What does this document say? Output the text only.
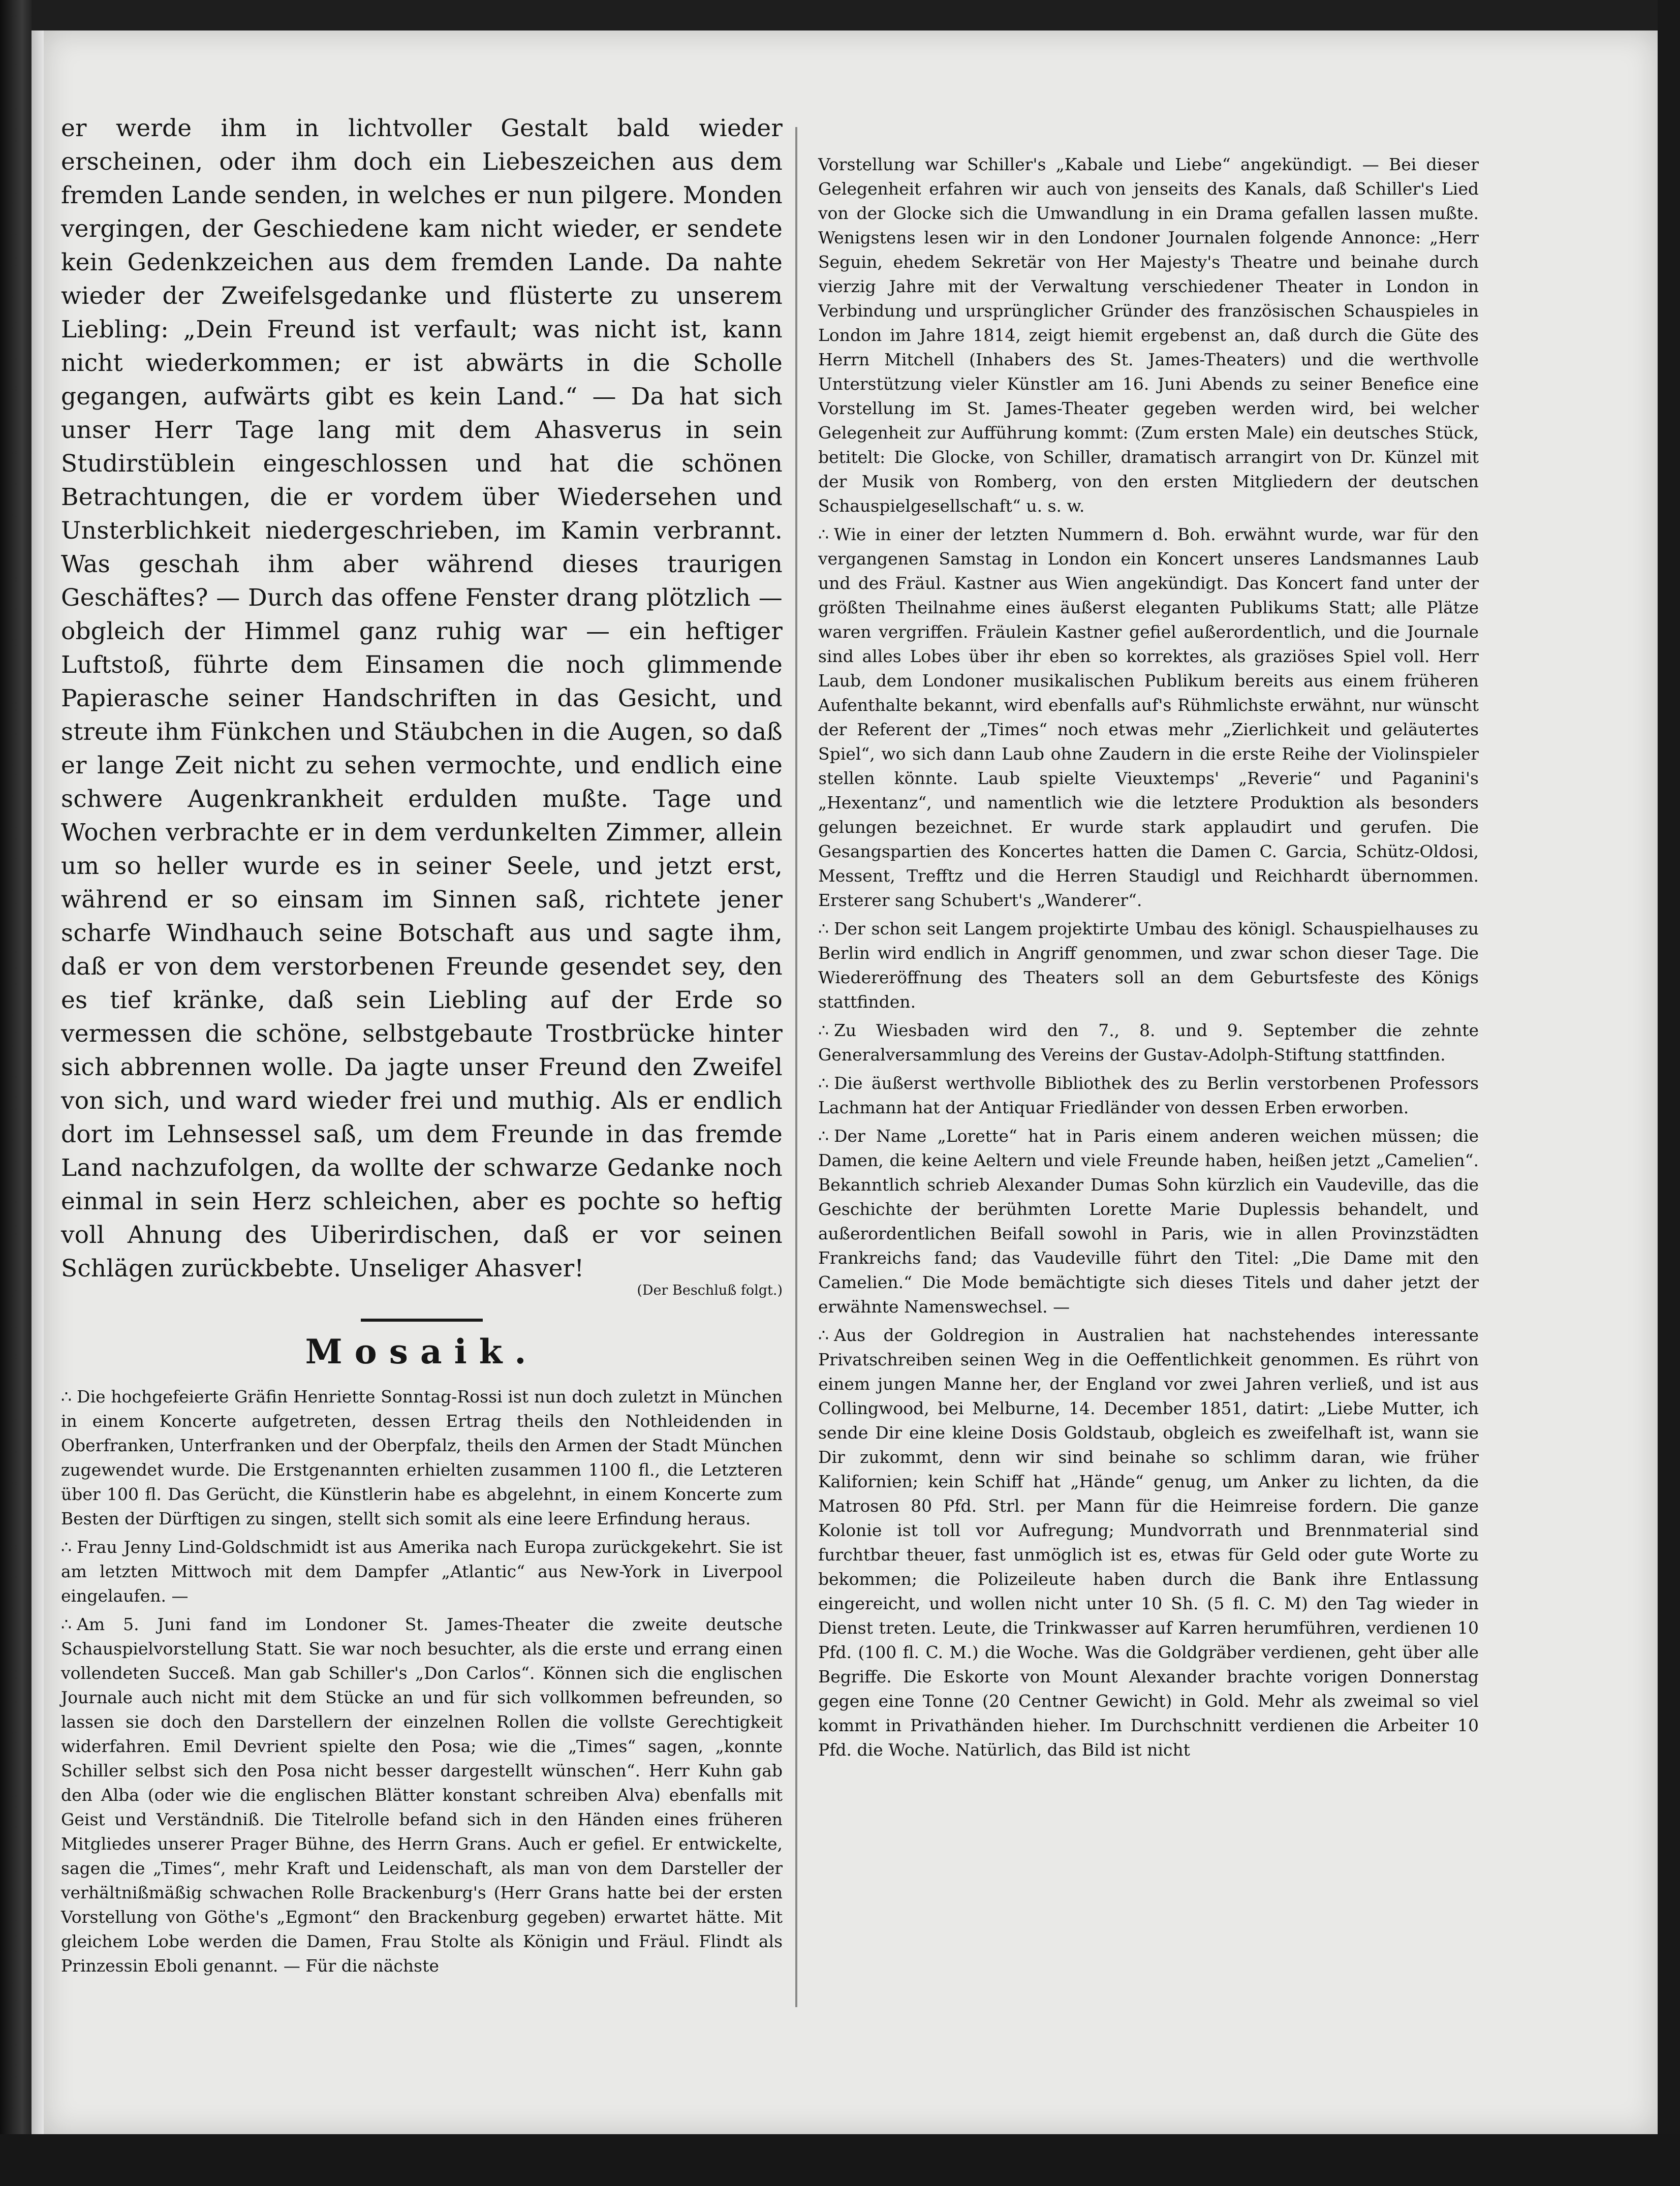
er werde ihm in lichtvoller Gestalt bald wieder erscheinen, oder ihm doch ein Liebeszeichen aus dem fremden Lande senden, in welches er nun pilgere. Monden vergingen, der Geschiedene kam nicht wieder, er sendete kein Gedenkzeichen aus dem fremden Lande. Da nahte wieder der Zweifelsgedanke und flüsterte zu unserem Liebling: „Dein Freund ist verfault; was nicht ist, kann nicht wiederkommen; er ist abwärts in die Scholle gegangen, aufwärts gibt es kein Land.“ — Da hat sich unser Herr Tage lang mit dem Ahasverus in sein Studirstüblein eingeschlossen und hat die schönen Betrachtungen, die er vordem über Wiedersehen und Unsterblichkeit niedergeschrieben, im Kamin verbrannt. Was geschah ihm aber während dieses traurigen Geschäftes? — Durch das offene Fenster drang plötzlich — obgleich der Himmel ganz ruhig war — ein heftiger Luftstoß, führte dem Einsamen die noch glimmende Papierasche seiner Handschriften in das Gesicht, und streute ihm Fünkchen und Stäubchen in die Augen, so daß er lange Zeit nicht zu sehen vermochte, und endlich eine schwere Augenkrankheit erdulden mußte. Tage und Wochen verbrachte er in dem verdunkelten Zimmer, allein um so heller wurde es in seiner Seele, und jetzt erst, während er so einsam im Sinnen saß, richtete jener scharfe Windhauch seine Botschaft aus und sagte ihm, daß er von dem verstorbenen Freunde gesendet sey, den es tief kränke, daß sein Liebling auf der Erde so vermessen die schöne, selbstgebaute Trostbrücke hinter sich abbrennen wolle. Da jagte unser Freund den Zweifel von sich, und ward wieder frei und muthig. Als er endlich dort im Lehnsessel saß, um dem Freunde in das fremde Land nachzufolgen, da wollte der schwarze Gedanke noch einmal in sein Herz schleichen, aber es pochte so heftig voll Ahnung des Uiberirdischen, daß er vor seinen Schlägen zurückbebte. Unseliger Ahasver!

(Der Beschluß folgt.)

Mosaik.

∴ Die hochgefeierte Gräfin Henriette Sonntag-Rossi ist nun doch zuletzt in München in einem Koncerte aufgetreten, dessen Ertrag theils den Nothleidenden in Oberfranken, Unterfranken und der Oberpfalz, theils den Armen der Stadt München zugewendet wurde. Die Erstgenannten erhielten zusammen 1100 fl., die Letzteren über 100 fl. Das Gerücht, die Künstlerin habe es abgelehnt, in einem Koncerte zum Besten der Dürftigen zu singen, stellt sich somit als eine leere Erfindung heraus.

∴ Frau Jenny Lind-Goldschmidt ist aus Amerika nach Europa zurückgekehrt. Sie ist am letzten Mittwoch mit dem Dampfer „Atlantic“ aus New-York in Liverpool eingelaufen. —

∴ Am 5. Juni fand im Londoner St. James-Theater die zweite deutsche Schauspielvorstellung Statt. Sie war noch besuchter, als die erste und errang einen vollendeten Succeß. Man gab Schiller's „Don Carlos“. Können sich die englischen Journale auch nicht mit dem Stücke an und für sich vollkommen befreunden, so lassen sie doch den Darstellern der einzelnen Rollen die vollste Gerechtigkeit widerfahren. Emil Devrient spielte den Posa; wie die „Times“ sagen, „konnte Schiller selbst sich den Posa nicht besser dargestellt wünschen“. Herr Kuhn gab den Alba (oder wie die englischen Blätter konstant schreiben Alva) ebenfalls mit Geist und Verständniß. Die Titelrolle befand sich in den Händen eines früheren Mitgliedes unserer Prager Bühne, des Herrn Grans. Auch er gefiel. Er entwickelte, sagen die „Times“, mehr Kraft und Leidenschaft, als man von dem Darsteller der verhältnißmäßig schwachen Rolle Brackenburg's (Herr Grans hatte bei der ersten Vorstellung von Göthe's „Egmont“ den Brackenburg gegeben) erwartet hätte. Mit gleichem Lobe werden die Damen, Frau Stolte als Königin und Fräul. Flindt als Prinzessin Eboli genannt. — Für die nächste

Vorstellung war Schiller's „Kabale und Liebe“ angekündigt. — Bei dieser Gelegenheit erfahren wir auch von jenseits des Kanals, daß Schiller's Lied von der Glocke sich die Umwandlung in ein Drama gefallen lassen mußte. Wenigstens lesen wir in den Londoner Journalen folgende Annonce: „Herr Seguin, ehedem Sekretär von Her Majesty's Theatre und beinahe durch vierzig Jahre mit der Verwaltung verschiedener Theater in London in Verbindung und ursprünglicher Gründer des französischen Schauspieles in London im Jahre 1814, zeigt hiemit ergebenst an, daß durch die Güte des Herrn Mitchell (Inhabers des St. James-Theaters) und die werthvolle Unterstützung vieler Künstler am 16. Juni Abends zu seiner Benefice eine Vorstellung im St. James-Theater gegeben werden wird, bei welcher Gelegenheit zur Aufführung kommt: (Zum ersten Male) ein deutsches Stück, betitelt: Die Glocke, von Schiller, dramatisch arrangirt von Dr. Künzel mit der Musik von Romberg, von den ersten Mitgliedern der deutschen Schauspielgesellschaft“ u. s. w.

∴ Wie in einer der letzten Nummern d. Boh. erwähnt wurde, war für den vergangenen Samstag in London ein Koncert unseres Landsmannes Laub und des Fräul. Kastner aus Wien angekündigt. Das Koncert fand unter der größten Theilnahme eines äußerst eleganten Publikums Statt; alle Plätze waren vergriffen. Fräulein Kastner gefiel außerordentlich, und die Journale sind alles Lobes über ihr eben so korrektes, als graziöses Spiel voll. Herr Laub, dem Londoner musikalischen Publikum bereits aus einem früheren Aufenthalte bekannt, wird ebenfalls auf's Rühmlichste erwähnt, nur wünscht der Referent der „Times“ noch etwas mehr „Zierlichkeit und geläutertes Spiel“, wo sich dann Laub ohne Zaudern in die erste Reihe der Violinspieler stellen könnte. Laub spielte Vieuxtemps' „Reverie“ und Paganini's „Hexentanz“, und namentlich wie die letztere Produktion als besonders gelungen bezeichnet. Er wurde stark applaudirt und gerufen. Die Gesangspartien des Koncertes hatten die Damen C. Garcia, Schütz-Oldosi, Messent, Trefftz und die Herren Staudigl und Reichhardt übernommen. Ersterer sang Schubert's „Wanderer“.

∴ Der schon seit Langem projektirte Umbau des königl. Schauspielhauses zu Berlin wird endlich in Angriff genommen, und zwar schon dieser Tage. Die Wiedereröffnung des Theaters soll an dem Geburtsfeste des Königs stattfinden.

∴ Zu Wiesbaden wird den 7., 8. und 9. September die zehnte Generalversammlung des Vereins der Gustav-Adolph-Stiftung stattfinden.

∴ Die äußerst werthvolle Bibliothek des zu Berlin verstorbenen Professors Lachmann hat der Antiquar Friedländer von dessen Erben erworben.

∴ Der Name „Lorette“ hat in Paris einem anderen weichen müssen; die Damen, die keine Aeltern und viele Freunde haben, heißen jetzt „Camelien“. Bekanntlich schrieb Alexander Dumas Sohn kürzlich ein Vaudeville, das die Geschichte der berühmten Lorette Marie Duplessis behandelt, und außerordentlichen Beifall sowohl in Paris, wie in allen Provinzstädten Frankreichs fand; das Vaudeville führt den Titel: „Die Dame mit den Camelien.“ Die Mode bemächtigte sich dieses Titels und daher jetzt der erwähnte Namenswechsel. —

∴ Aus der Goldregion in Australien hat nachstehendes interessante Privatschreiben seinen Weg in die Oeffentlichkeit genommen. Es rührt von einem jungen Manne her, der England vor zwei Jahren verließ, und ist aus Collingwood, bei Melburne, 14. December 1851, datirt: „Liebe Mutter, ich sende Dir eine kleine Dosis Goldstaub, obgleich es zweifelhaft ist, wann sie Dir zukommt, denn wir sind beinahe so schlimm daran, wie früher Kalifornien; kein Schiff hat „Hände“ genug, um Anker zu lichten, da die Matrosen 80 Pfd. Strl. per Mann für die Heimreise fordern. Die ganze Kolonie ist toll vor Aufregung; Mundvorrath und Brennmaterial sind furchtbar theuer, fast unmöglich ist es, etwas für Geld oder gute Worte zu bekommen; die Polizeileute haben durch die Bank ihre Entlassung eingereicht, und wollen nicht unter 10 Sh. (5 fl. C. M) den Tag wieder in Dienst treten. Leute, die Trinkwasser auf Karren herumführen, verdienen 10 Pfd. (100 fl. C. M.) die Woche. Was die Goldgräber verdienen, geht über alle Begriffe. Die Eskorte von Mount Alexander brachte vorigen Donnerstag gegen eine Tonne (20 Centner Gewicht) in Gold. Mehr als zweimal so viel kommt in Privathänden hieher. Im Durchschnitt verdienen die Arbeiter 10 Pfd. die Woche. Natürlich, das Bild ist nicht
